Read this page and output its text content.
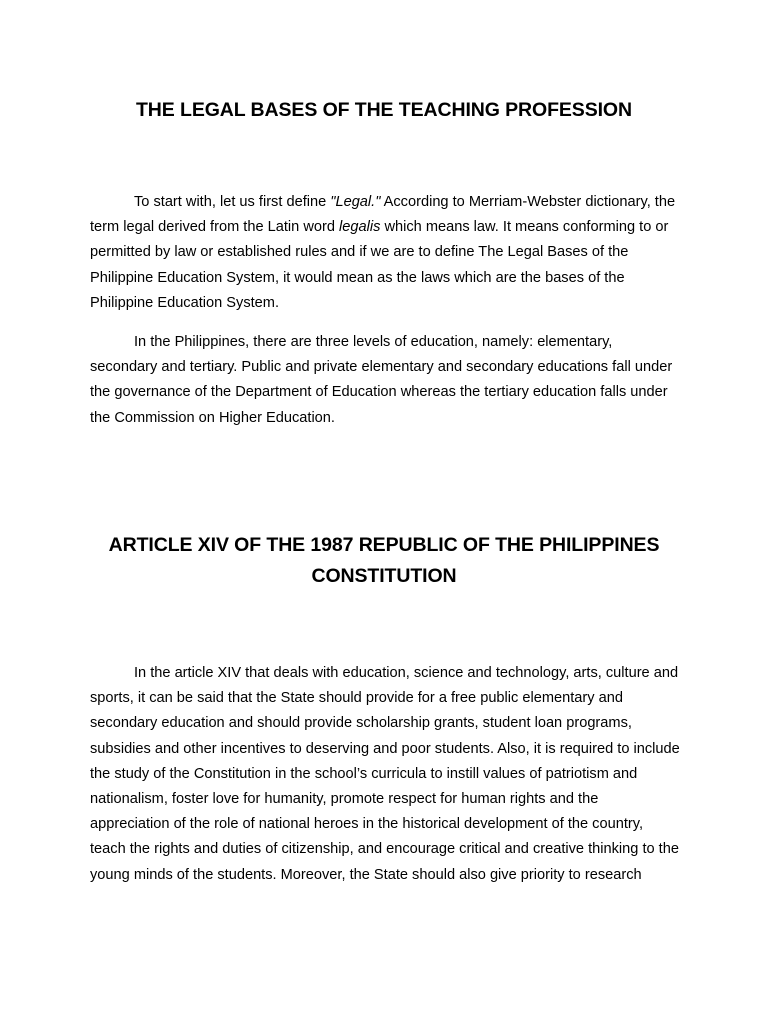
THE LEGAL BASES OF THE TEACHING PROFESSION

To start with, let us first define "Legal." According to Merriam-Webster dictionary, the term legal derived from the Latin word legalis which means law. It means conforming to or permitted by law or established rules and if we are to define The Legal Bases of the Philippine Education System, it would mean as the laws which are the bases of the Philippine Education System.

In the Philippines, there are three levels of education, namely: elementary, secondary and tertiary. Public and private elementary and secondary educations fall under the governance of the Department of Education whereas the tertiary education falls under the Commission on Higher Education.

ARTICLE XIV OF THE 1987 REPUBLIC OF THE PHILIPPINES
CONSTITUTION

In the article XIV that deals with education, science and technology, arts, culture and sports, it can be said that the State should provide for a free public elementary and secondary education and should provide scholarship grants, student loan programs, subsidies and other incentives to deserving and poor students. Also, it is required to include the study of the Constitution in the school’s curricula to instill values of patriotism and nationalism, foster love for humanity, promote respect for human rights and the appreciation of the role of national heroes in the historical development of the country, teach the rights and duties of citizenship, and encourage critical and creative thinking to the young minds of the students. Moreover, the State should also give priority to research
